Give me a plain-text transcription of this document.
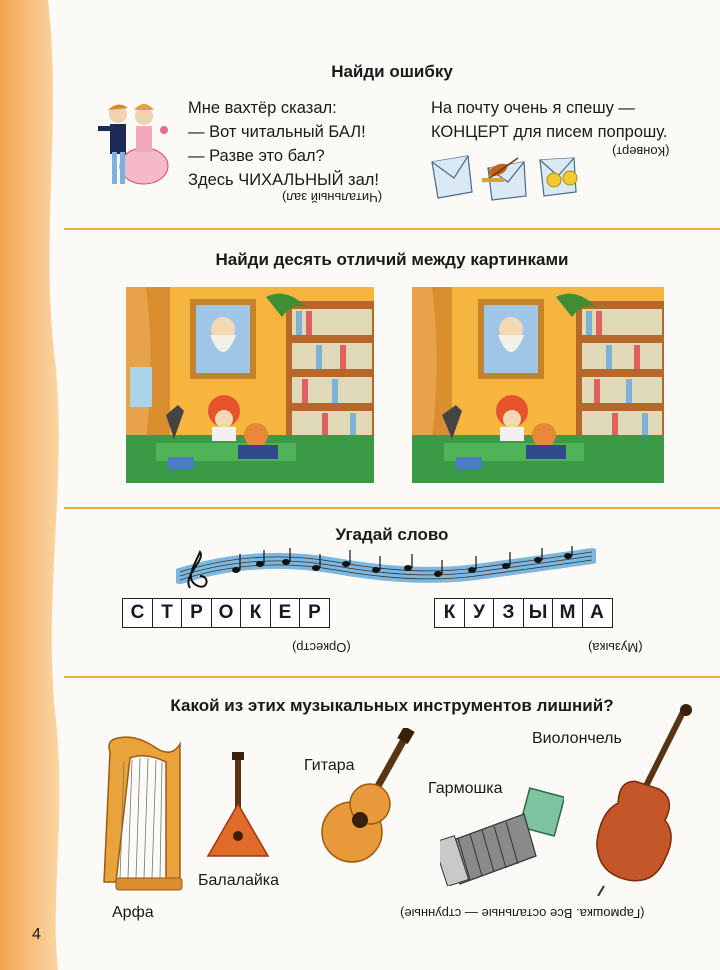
Найди ошибку
Мне вахтёр сказал:
— Вот читальный БАЛ!
— Разве это бал?
Здесь ЧИХАЛЬНЫЙ зал!
(Читальный зал)
На почту очень я спешу —
КОНЦЕРТ для писем попрошу.
(Конверт)
Найди десять отличий между картинками
Угадай слово
С Т Р О К Е Р
(Оркестр)
К У З Ы М А
(Музыка)
Какой из этих музыкальных инструментов лишний?
Арфа
Балалайка
Гитара
Гармошка
Виолончель
(Гармошка. Все остальные — струнные)
4
